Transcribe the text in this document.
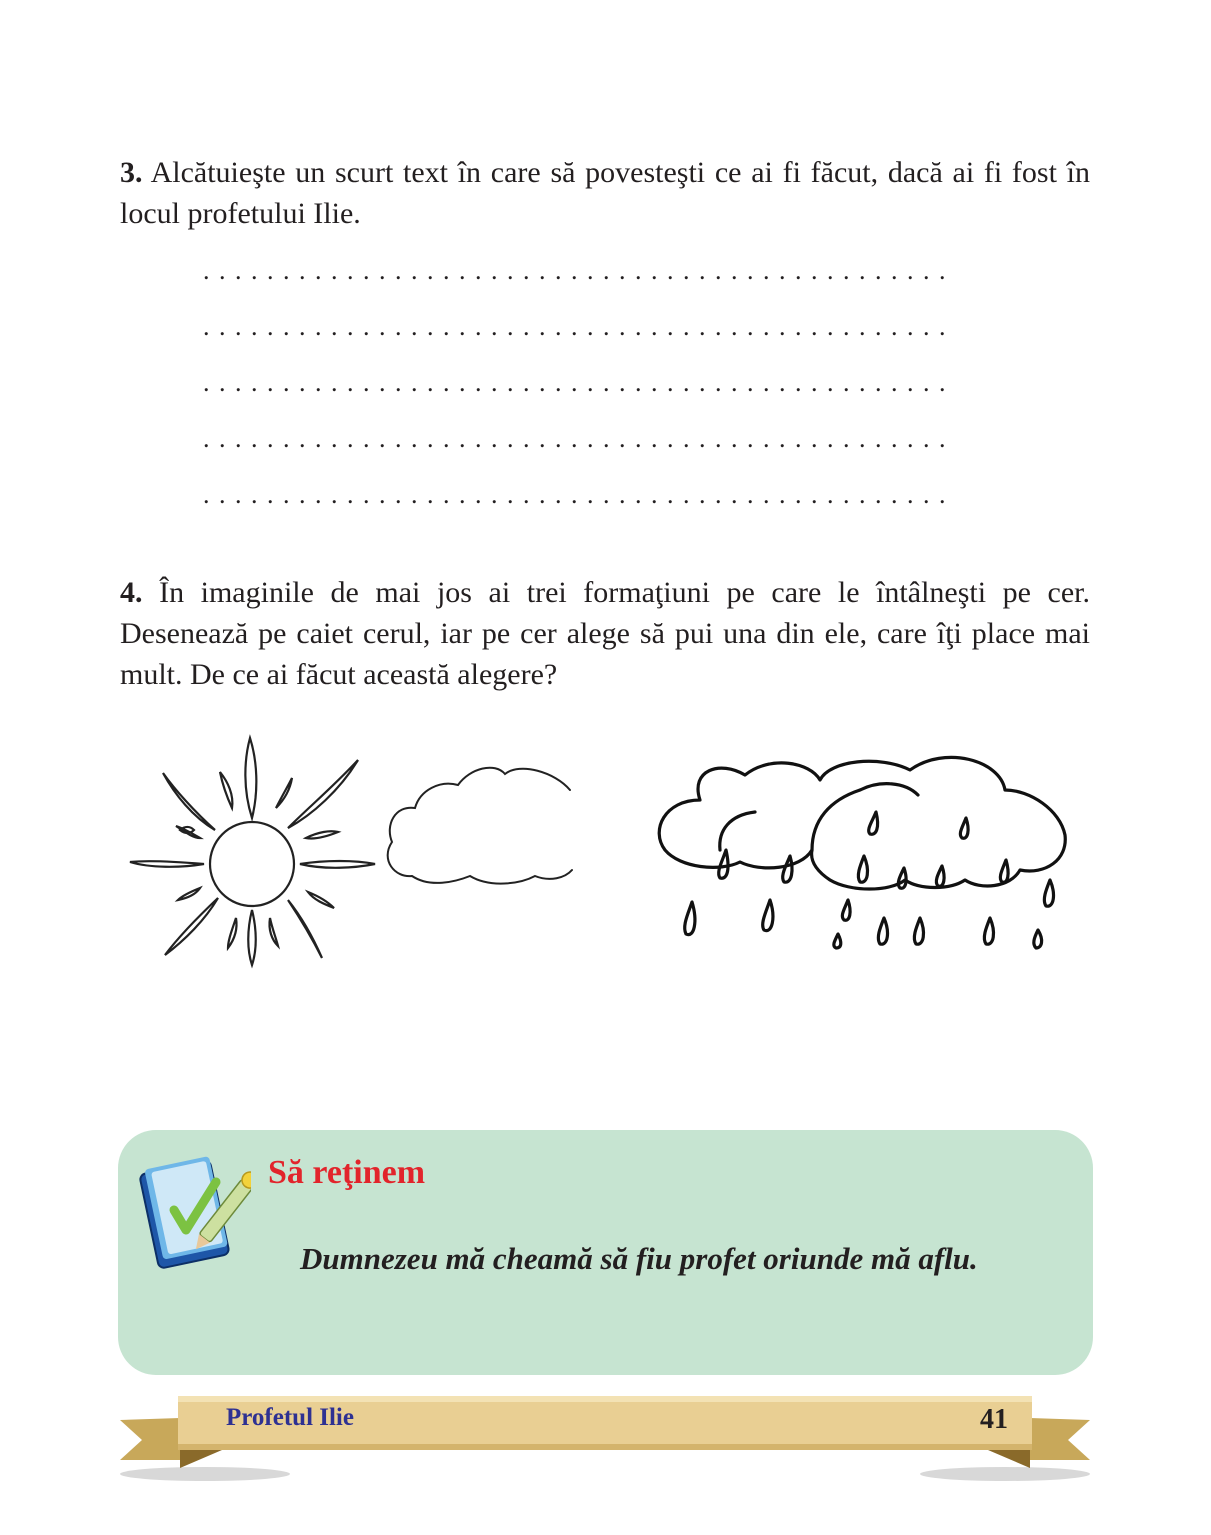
3. Alcătuieşte un scurt text în care să povesteşti ce ai fi făcut, dacă ai fi fost în locul profetului Ilie.
...............................................
...............................................
...............................................
...............................................
...............................................
4. În imaginile de mai jos ai trei formaţiuni pe care le întâlneşti pe cer. Desenează pe caiet cerul, iar pe cer alege să pui una din ele, care îţi place mai mult. De ce ai făcut această alegere?
Să reţinem
Dumnezeu mă cheamă să fiu profet oriunde mă aflu.
Profetul Ilie	41
